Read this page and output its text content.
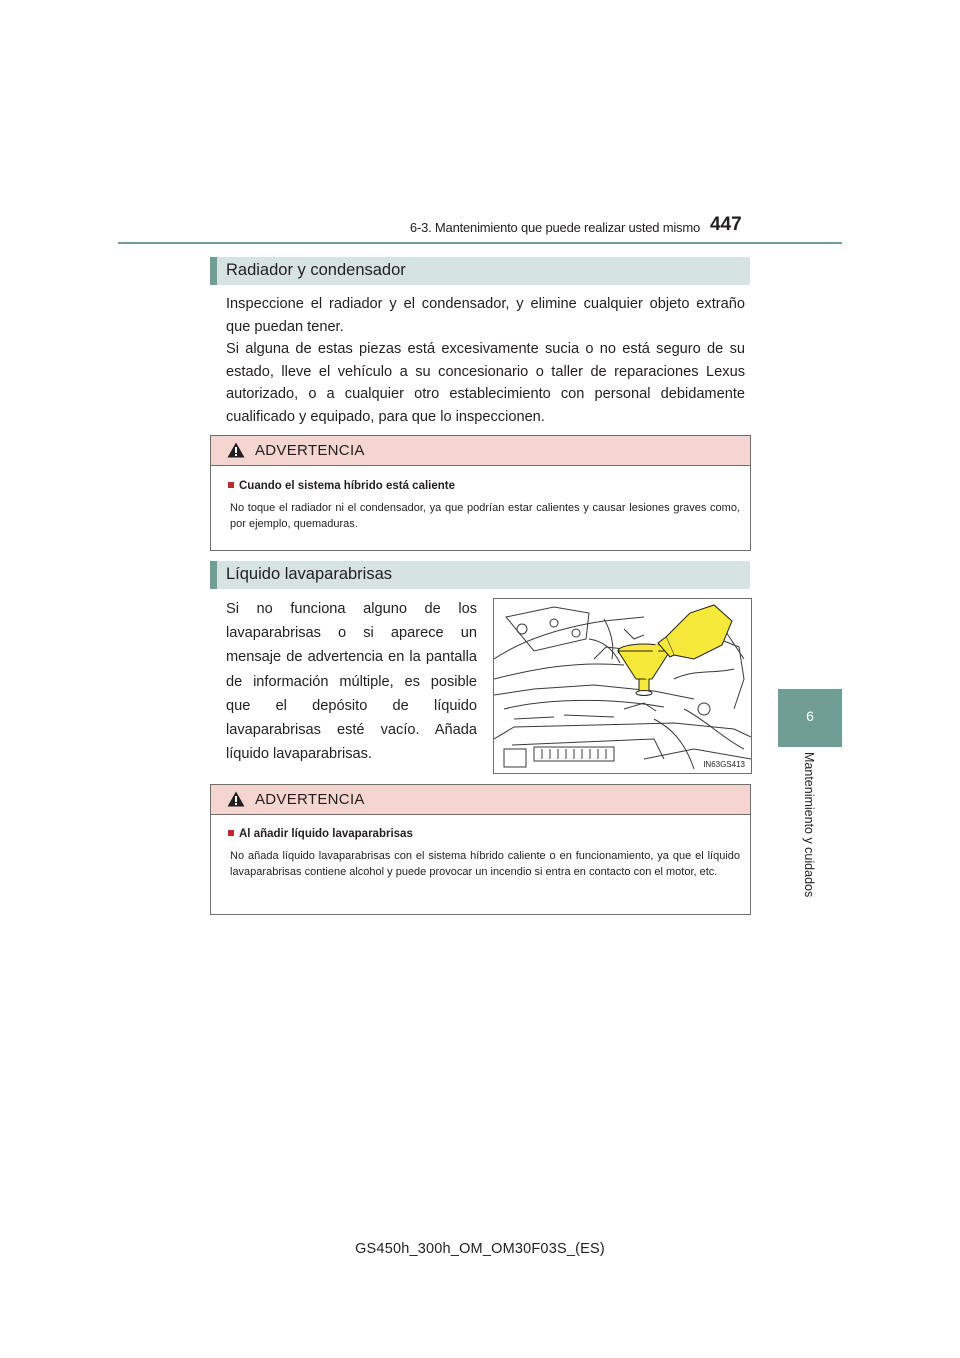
6-3. Mantenimiento que puede realizar usted mismo 447
6
Mantenimiento y cuidados
Radiador y condensador
Inspeccione el radiador y el condensador, y elimine cualquier objeto extraño que puedan tener.
Si alguna de estas piezas está excesivamente sucia o no está seguro de su estado, lleve el vehículo a su concesionario o taller de reparaciones Lexus autorizado, o a cualquier otro establecimiento con personal debidamente cualificado y equipado, para que lo inspeccionen.
ADVERTENCIA
Cuando el sistema híbrido está caliente
No toque el radiador ni el condensador, ya que podrían estar calientes y causar lesiones graves como, por ejemplo, quemaduras.
Líquido lavaparabrisas
Si no funciona alguno de los lavaparabrisas o si aparece un mensaje de advertencia en la pantalla de información múltiple, es posible que el depósito de líquido lavaparabrisas esté vacío. Añada líquido lavaparabrisas.
IN63GS413
ADVERTENCIA
Al añadir líquido lavaparabrisas
No añada líquido lavaparabrisas con el sistema híbrido caliente o en funcionamiento, ya que el líquido lavaparabrisas contiene alcohol y puede provocar un incendio si entra en contacto con el motor, etc.
GS450h_300h_OM_OM30F03S_(ES)
